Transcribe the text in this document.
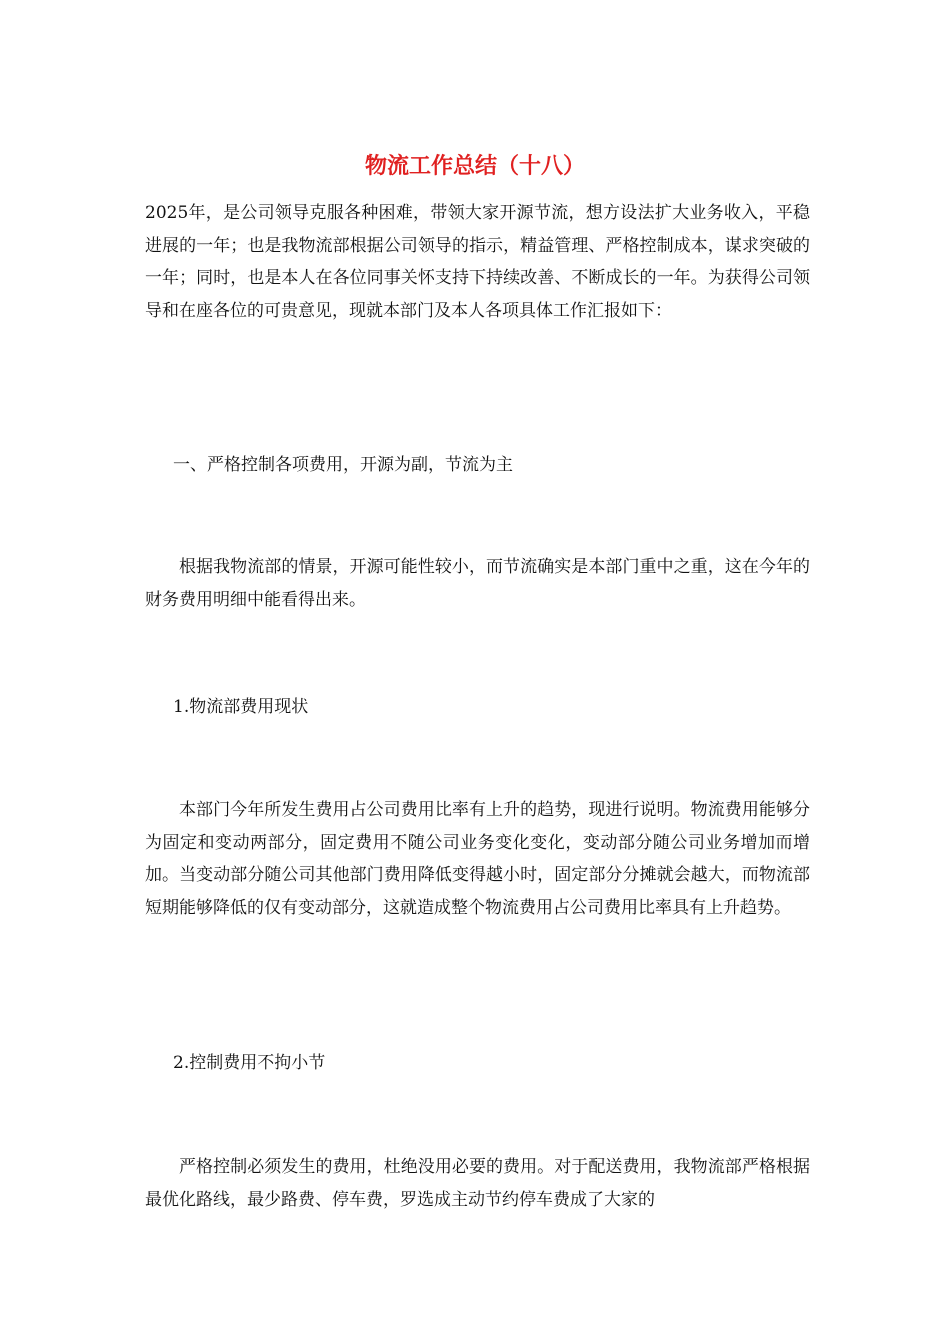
物流工作总结（十八）

2025年，是公司领导克服各种困难，带领大家开源节流，想方设法扩大业务收入，平稳进展的一年；也是我物流部根据公司领导的指示，精益管理、严格控制成本，谋求突破的一年；同时，也是本人在各位同事关怀支持下持续改善、不断成长的一年。为获得公司领导和在座各位的可贵意见，现就本部门及本人各项具体工作汇报如下：

一、严格控制各项费用，开源为副，节流为主

根据我物流部的情景，开源可能性较小，而节流确实是本部门重中之重，这在今年的财务费用明细中能看得出来。

1.物流部费用现状

本部门今年所发生费用占公司费用比率有上升的趋势，现进行说明。物流费用能够分为固定和变动两部分，固定费用不随公司业务变化变化，变动部分随公司业务增加而增加。当变动部分随公司其他部门费用降低变得越小时，固定部分分摊就会越大，而物流部短期能够降低的仅有变动部分，这就造成整个物流费用占公司费用比率具有上升趋势。

2.控制费用不拘小节

严格控制必须发生的费用，杜绝没用必要的费用。对于配送费用，我物流部严格根据最优化路线，最少路费、停车费，罗选成主动节约停车费成了大家的
